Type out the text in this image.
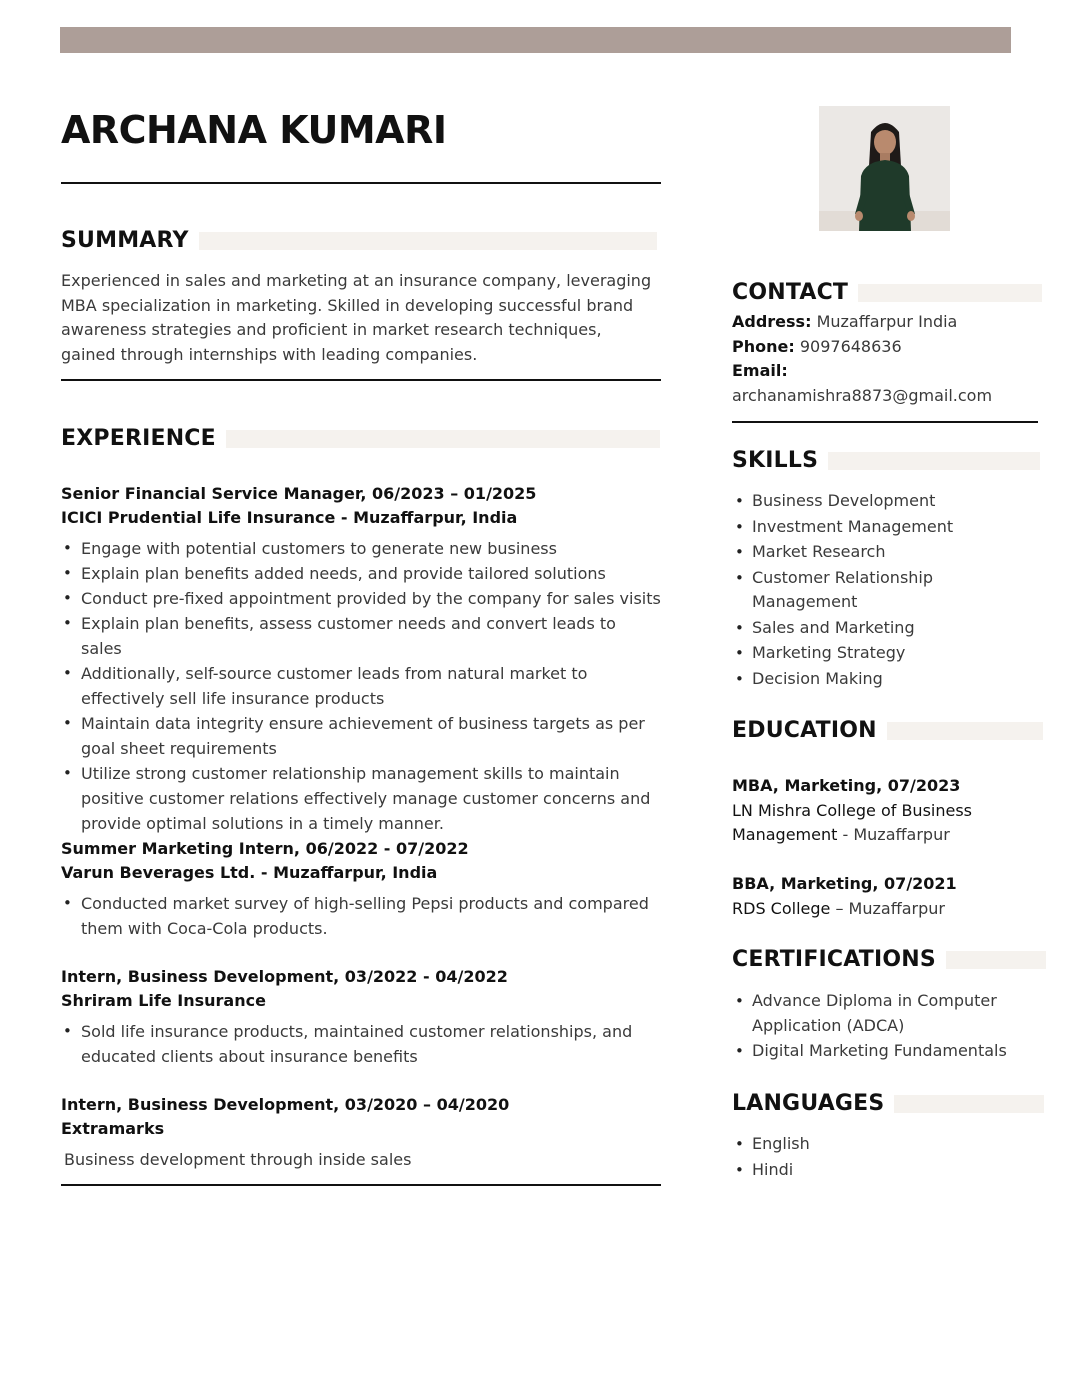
ARCHANA KUMARI
SUMMARY

Experienced in sales and marketing at an insurance company, leveraging MBA specialization in marketing. Skilled in developing successful brand awareness strategies and proficient in market research techniques, gained through internships with leading companies.

EXPERIENCE
Senior Financial Service Manager, 06/2023 – 01/2025
ICICI Prudential Life Insurance - Muzaffarpur, India
• Engage with potential customers to generate new business
• Explain plan benefits added needs, and provide tailored solutions
• Conduct pre-fixed appointment provided by the company for sales visits
• Explain plan benefits, assess customer needs and convert leads to sales
• Additionally, self-source customer leads from natural market to effectively sell life insurance products
• Maintain data integrity ensure achievement of business targets as per goal sheet requirements
• Utilize strong customer relationship management skills to maintain positive customer relations effectively manage customer concerns and provide optimal solutions in a timely manner.
Summer Marketing Intern, 06/2022 - 07/2022
Varun Beverages Ltd. - Muzaffarpur, India
• Conducted market survey of high-selling Pepsi products and compared them with Coca-Cola products.
Intern, Business Development, 03/2022 - 04/2022
Shriram Life Insurance
• Sold life insurance products, maintained customer relationships, and educated clients about insurance benefits
Intern, Business Development, 03/2020 – 04/2020
Extramarks
Business development through inside sales
CONTACT
Address: Muzaffarpur India
Phone: 9097648636
Email: archanamishra8873@gmail.com
SKILLS
• Business Development
• Investment Management
• Market Research
• Customer Relationship Management
• Sales and Marketing
• Marketing Strategy
• Decision Making
EDUCATION
MBA, Marketing, 07/2023
LN Mishra College of Business Management - Muzaffarpur
BBA, Marketing, 07/2021
RDS College – Muzaffarpur
CERTIFICATIONS
• Advance Diploma in Computer Application (ADCA)
• Digital Marketing Fundamentals
LANGUAGES
• English
• Hindi
